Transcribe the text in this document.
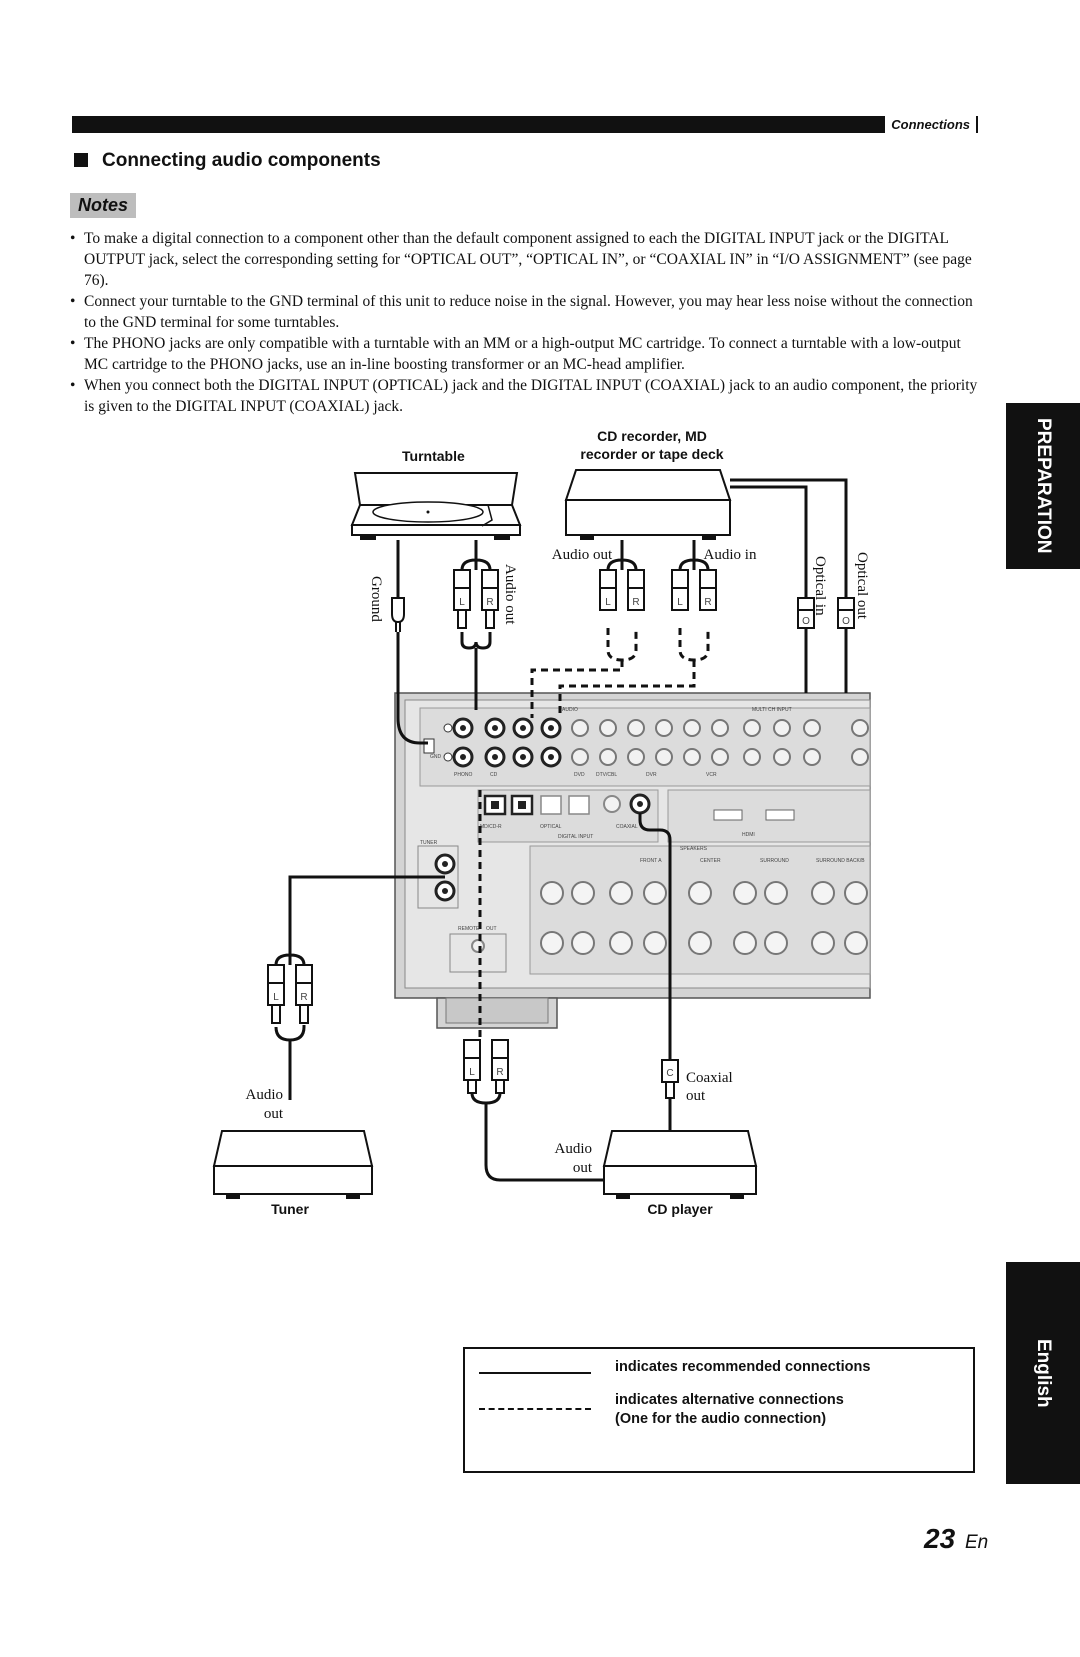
Connections
Connecting audio components
Notes
• To make a digital connection to a component other than the default component assigned to each the DIGITAL INPUT jack or the DIGITAL OUTPUT jack, select the corresponding setting for “OPTICAL OUT”, “OPTICAL IN”, or “COAXIAL IN” in “I/O ASSIGNMENT” (see page 76).
• Connect your turntable to the GND terminal of this unit to reduce noise in the signal. However, you may hear less noise without the connection to the GND terminal for some turntables.
• The PHONO jacks are only compatible with a turntable with an MM or a high-output MC cartridge. To connect a turntable with a low-output MC cartridge to the PHONO jacks, use an in-line boosting transformer or an MC-head amplifier.
• When you connect both the DIGITAL INPUT (OPTICAL) jack and the DIGITAL INPUT (COAXIAL) jack to an audio component, the priority is given to the DIGITAL INPUT (COAXIAL) jack.
PREPARATION
English
PHONO	CD
GND
AUDIO	MULTI CH INPUT
DVD DTV/CBL	DVR	VCR
MD/CD-R	OPTICAL	COAXIAL
DIGITAL INPUT	HDMI
TUNER
REMOTE OUT
SPEAKERS
FRONT A	CENTER	SURROUND	SURROUND BACK/B
Turntable
CD recorder, MD
recorder or tape deck
Ground	L R Audio out	L R	L R
O	O
Audio out	Audio in
Optical in Optical out
L R
Audio
out
Tuner
C Coaxial
out
L R
Audio
out
CD player
indicates recommended connections
indicates alternative connections
(One for the audio connection)
23 En
